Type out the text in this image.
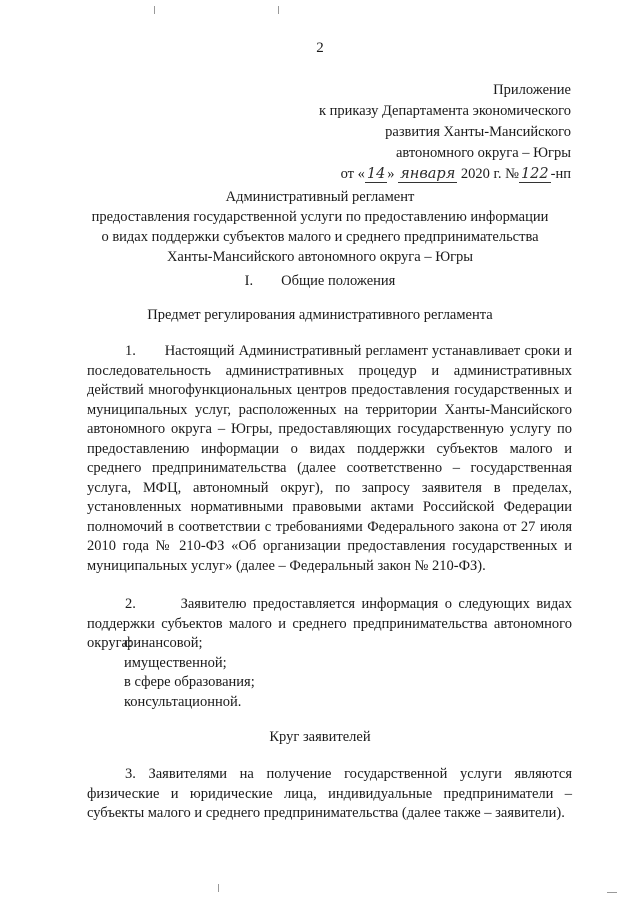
2
Приложение
к приказу Департамента экономического
развития Ханты-Мансийского
автономного округа – Югры
от « 14 » января 2020 г. № 122 -нп
Административный регламент
предоставления государственной услуги по предоставлению информации
о видах поддержки субъектов малого и среднего предпринимательства
Ханты-Мансийского автономного округа – Югры
I. Общие положения
Предмет регулирования административного регламента
1.       Настоящий Административный регламент устанавливает сроки и последовательность административных процедур и административных действий многофункциональных центров предоставления государственных и муниципальных услуг, расположенных на территории Ханты-Мансийского автономного округа – Югры, предоставляющих государственную услугу по предоставлению информации о видах поддержки субъектов малого и среднего предпринимательства (далее соответственно – государственная услуга, МФЦ, автономный округ), по запросу заявителя в пределах, установленных нормативными правовыми актами Российской Федерации полномочий в соответствии с требованиями Федерального закона от 27 июля 2010 года № 210-ФЗ «Об организации предоставления государственных и муниципальных услуг» (далее – Федеральный закон № 210-ФЗ).
2.       Заявителю предоставляется информация о следующих видах поддержки субъектов малого и среднего предпринимательства автономного округа:
финансовой;
имущественной;
в сфере образования;
консультационной.
Круг заявителей
3. Заявителями на получение государственной услуги являются физические и юридические лица, индивидуальные предприниматели – субъекты малого и среднего предпринимательства (далее также – заявители).
